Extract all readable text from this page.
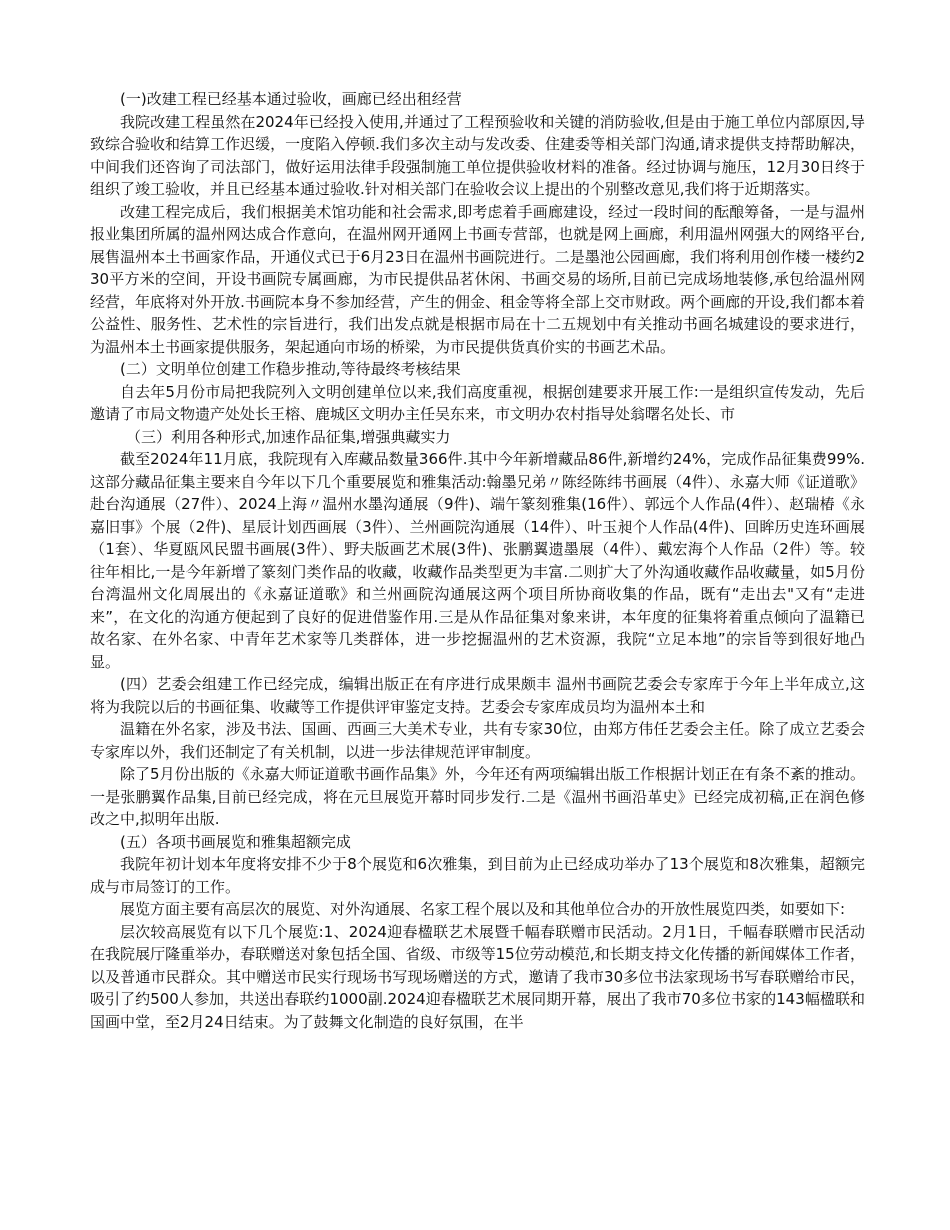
(一)改建工程已经基本通过验收，画廊已经出租经营

我院改建工程虽然在2024年已经投入使用,并通过了工程预验收和关键的消防验收,但是由于施工单位内部原因,导致综合验收和结算工作迟缓，一度陷入停顿.我们多次主动与发改委、住建委等相关部门沟通,请求提供支持帮助解决，中间我们还咨询了司法部门，做好运用法律手段强制施工单位提供验收材料的准备。经过协调与施压，12月30日终于组织了竣工验收，并且已经基本通过验收.针对相关部门在验收会议上提出的个别整改意见,我们将于近期落实。

改建工程完成后，我们根据美术馆功能和社会需求,即考虑着手画廊建设，经过一段时间的酝酿筹备，一是与温州报业集团所属的温州网达成合作意向，在温州网开通网上书画专营部，也就是网上画廊，利用温州网强大的网络平台,展售温州本土书画家作品，开通仪式已于6月23日在温州书画院进行。二是墨池公园画廊，我们将利用创作楼一楼约230平方米的空间，开设书画院专属画廊，为市民提供品茗休闲、书画交易的场所,目前已完成场地装修,承包给温州网经营，年底将对外开放.书画院本身不参加经营，产生的佣金、租金等将全部上交市财政。两个画廊的开设,我们都本着公益性、服务性、艺术性的宗旨进行，我们出发点就是根据市局在十二五规划中有关推动书画名城建设的要求进行，为温州本土书画家提供服务，架起通向市场的桥梁，为市民提供货真价实的书画艺术品。

(二）文明单位创建工作稳步推动,等待最终考核结果

自去年5月份市局把我院列入文明创建单位以来,我们高度重视，根据创建要求开展工作:一是组织宣传发动，先后邀请了市局文物遗产处处长王榕、鹿城区文明办主任吴东来，市文明办农村指导处翁曙名处长、市

（三）利用各种形式,加速作品征集,增强典藏实力

截至2024年11月底，我院现有入库藏品数量366件.其中今年新增藏品86件,新增约24%，完成作品征集费99%.这部分藏品征集主要来自今年以下几个重要展览和雅集活动:翰墨兄弟〃陈经陈纬书画展（4件）、永嘉大师《证道歌》赴台沟通展（27件）、2024上海〃温州水墨沟通展（9件)、端午篆刻雅集(16件）、郭远个人作品(4件）、赵瑞椿《永嘉旧事》个展（2件)、星辰计划西画展（3件）、兰州画院沟通展（14件）、叶玉昶个人作品(4件)、回眸历史连环画展（1套）、华夏瓯风民盟书画展(3件）、野夫版画艺术展(3件)、张鹏翼遗墨展（4件）、戴宏海个人作品（2件）等。较往年相比,一是今年新增了篆刻门类作品的收藏，收藏作品类型更为丰富.二则扩大了外沟通收藏作品收藏量，如5月份台湾温州文化周展出的《永嘉证道歌》和兰州画院沟通展这两个项目所协商收集的作品，既有“走出去"又有“走进来”，在文化的沟通方便起到了良好的促进借鉴作用.三是从作品征集对象来讲，本年度的征集将着重点倾向了温籍已故名家、在外名家、中青年艺术家等几类群体，进一步挖掘温州的艺术资源，我院“立足本地”的宗旨等到很好地凸显。

(四）艺委会组建工作已经完成，编辑出版正在有序进行成果颇丰 温州书画院艺委会专家库于今年上半年成立,这将为我院以后的书画征集、收藏等工作提供评审鉴定支持。艺委会专家库成员均为温州本土和

温籍在外名家，涉及书法、国画、西画三大美术专业，共有专家30位，由郑方伟任艺委会主任。除了成立艺委会专家库以外，我们还制定了有关机制，以进一步法律规范评审制度。

除了5月份出版的《永嘉大师证道歌书画作品集》外，今年还有两项编辑出版工作根据计划正在有条不紊的推动。一是张鹏翼作品集,目前已经完成，将在元旦展览开幕时同步发行.二是《温州书画沿革史》已经完成初稿,正在润色修改之中,拟明年出版.

(五）各项书画展览和雅集超额完成

我院年初计划本年度将安排不少于8个展览和6次雅集，到目前为止已经成功举办了13个展览和8次雅集，超额完成与市局签订的工作。

展览方面主要有高层次的展览、对外沟通展、名家工程个展以及和其他单位合办的开放性展览四类，如要如下:

层次较高展览有以下几个展览:1、2024迎春楹联艺术展暨千幅春联赠市民活动。2月1日，千幅春联赠市民活动在我院展厅隆重举办，春联赠送对象包括全国、省级、市级等15位劳动模范,和长期支持文化传播的新闻媒体工作者，以及普通市民群众。其中赠送市民实行现场书写现场赠送的方式，邀请了我市30多位书法家现场书写春联赠给市民，吸引了约500人参加，共送出春联约1000副.2024迎春楹联艺术展同期开幕，展出了我市70多位书家的143幅楹联和国画中堂，至2月24日结束。为了鼓舞文化制造的良好氛围，在半
